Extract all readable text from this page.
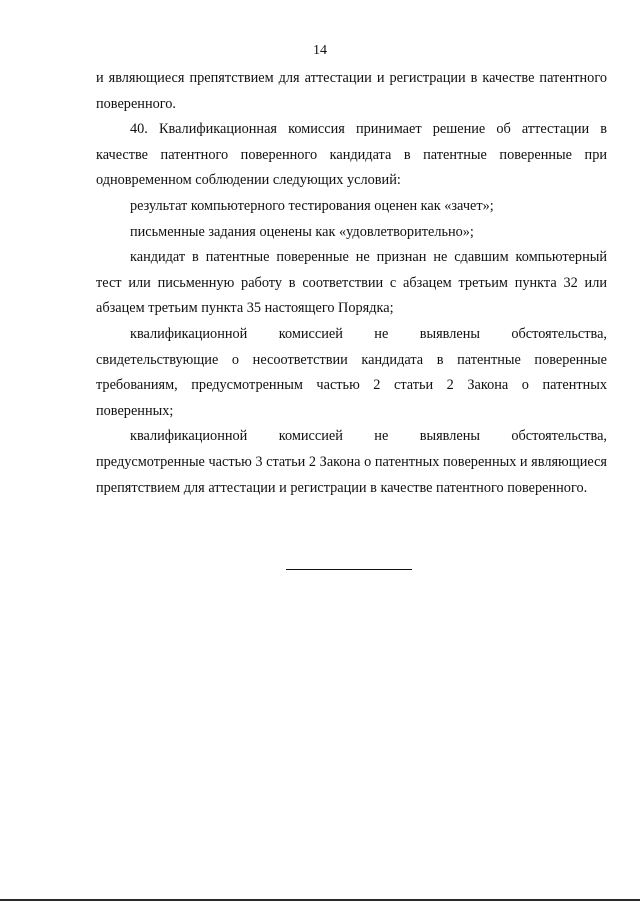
14

и являющиеся препятствием для аттестации и регистрации в качестве патентного поверенного.

40. Квалификационная комиссия принимает решение об аттестации в качестве патентного поверенного кандидата в патентные поверенные при одновременном соблюдении следующих условий:

результат компьютерного тестирования оценен как «зачет»;

письменные задания оценены как «удовлетворительно»;

кандидат в патентные поверенные не признан не сдавшим компьютерный тест или письменную работу в соответствии с абзацем третьим пункта 32 или абзацем третьим пункта 35 настоящего Порядка;

квалификационной комиссией не выявлены обстоятельства, свидетельствующие о несоответствии кандидата в патентные поверенные требованиям, предусмотренным частью 2 статьи 2 Закона о патентных поверенных;

квалификационной комиссией не выявлены обстоятельства, предусмотренные частью 3 статьи 2 Закона о патентных поверенных и являющиеся препятствием для аттестации и регистрации в качестве патентного поверенного.
